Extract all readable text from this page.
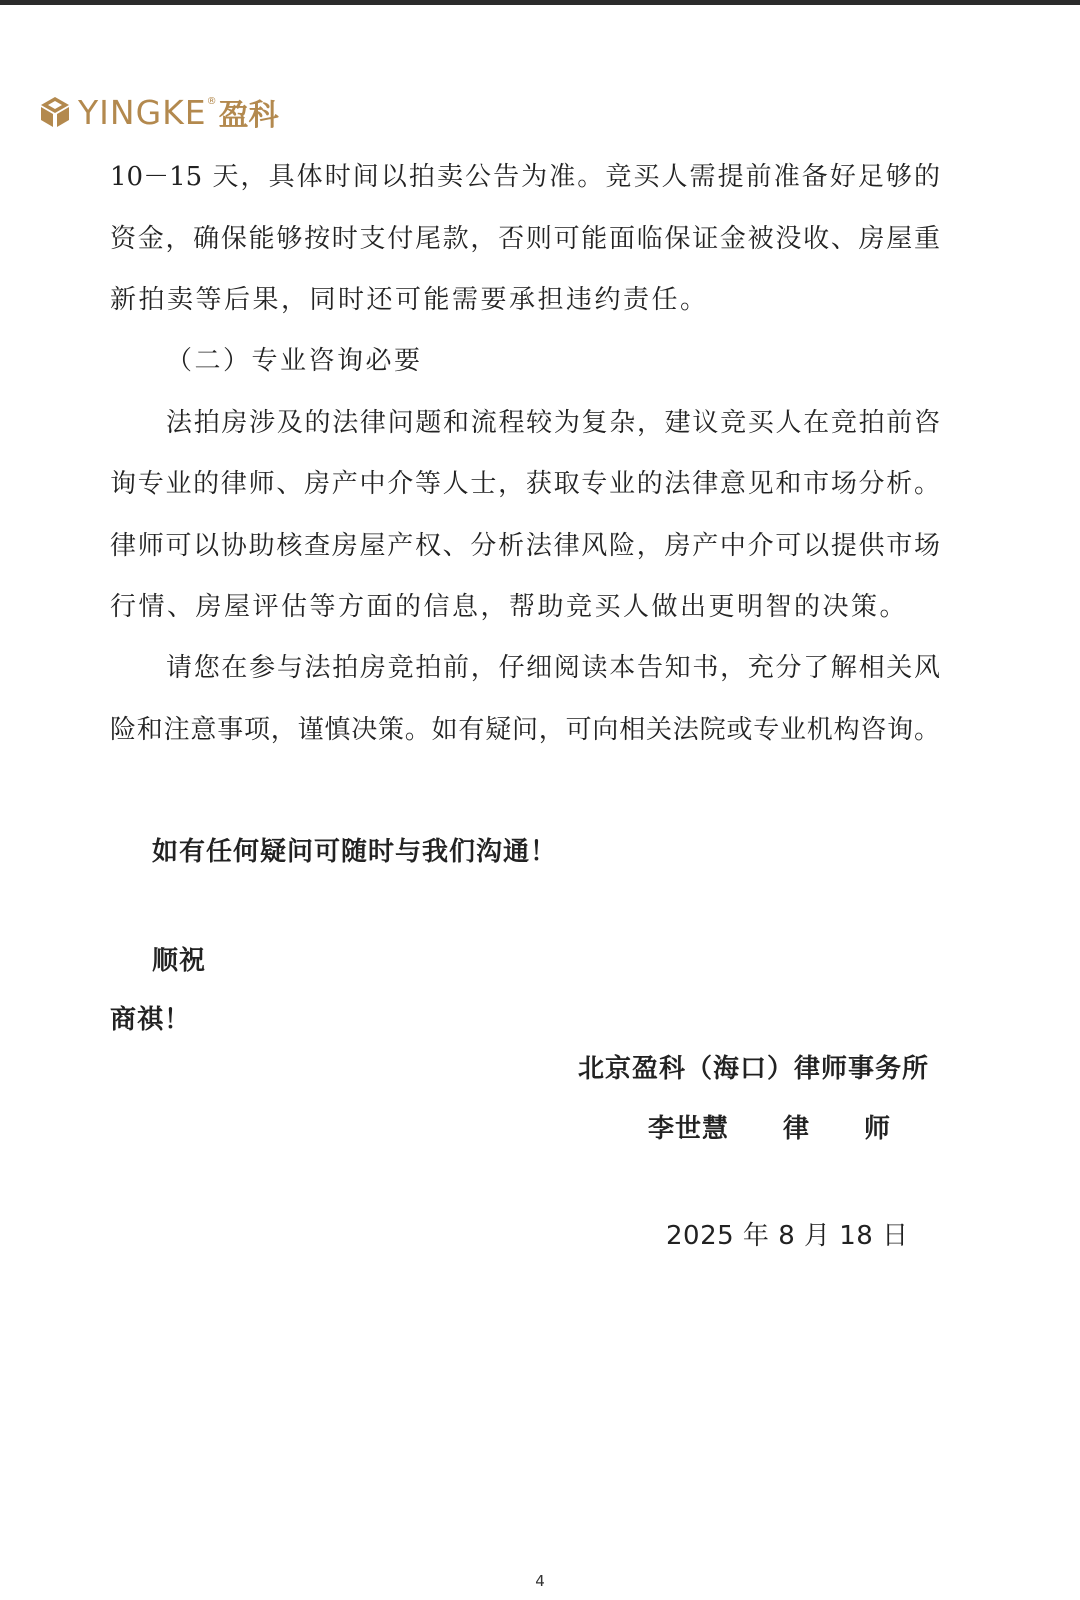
YINGKE ® 盈科
10－15 天，具体时间以拍卖公告为准。竞买人需提前准备好足够的
资金，确保能够按时支付尾款，否则可能面临保证金被没收、房屋重
新拍卖等后果，同时还可能需要承担违约责任。
（二）专业咨询必要
法拍房涉及的法律问题和流程较为复杂，建议竞买人在竞拍前咨
询专业的律师、房产中介等人士，获取专业的法律意见和市场分析。
律师可以协助核查房屋产权、分析法律风险，房产中介可以提供市场
行情、房屋评估等方面的信息，帮助竞买人做出更明智的决策。
请您在参与法拍房竞拍前，仔细阅读本告知书，充分了解相关风
险和注意事项，谨慎决策。如有疑问，可向相关法院或专业机构咨询。
如有任何疑问可随时与我们沟通！
顺祝
商祺！
北京盈科（海口）律师事务所
李世慧　　律　　师
2025 年 8 月 18 日
4
